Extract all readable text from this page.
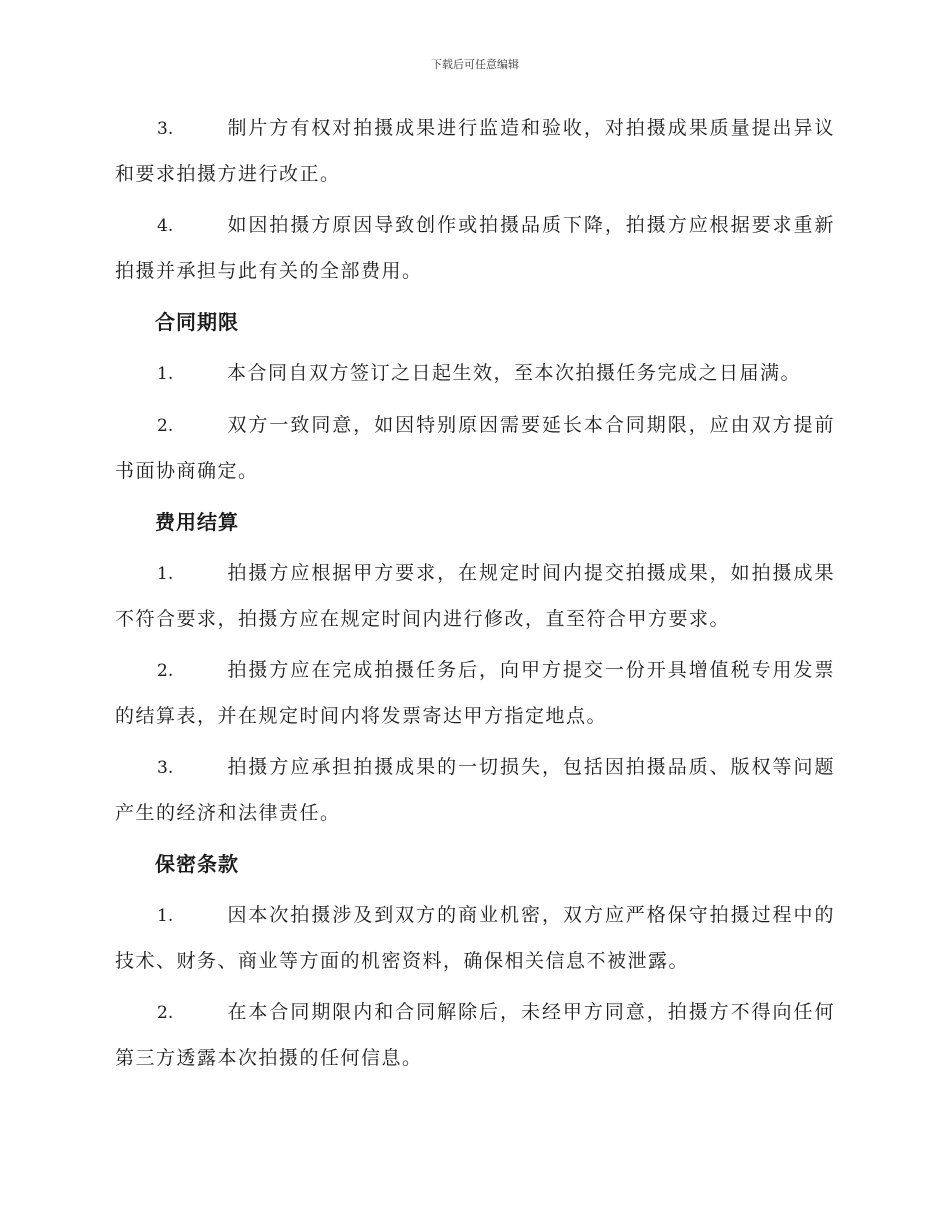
下载后可任意编辑

3.	制片方有权对拍摄成果进行监造和验收，对拍摄成果质量提出异议和要求拍摄方进行改正。

4.	如因拍摄方原因导致创作或拍摄品质下降，拍摄方应根据要求重新拍摄并承担与此有关的全部费用。

合同期限

1.	本合同自双方签订之日起生效，至本次拍摄任务完成之日届满。

2.	双方一致同意，如因特别原因需要延长本合同期限，应由双方提前书面协商确定。

费用结算

1.	拍摄方应根据甲方要求，在规定时间内提交拍摄成果，如拍摄成果不符合要求，拍摄方应在规定时间内进行修改，直至符合甲方要求。

2.	拍摄方应在完成拍摄任务后，向甲方提交一份开具增值税专用发票的结算表，并在规定时间内将发票寄达甲方指定地点。

3.	拍摄方应承担拍摄成果的一切损失，包括因拍摄品质、版权等问题产生的经济和法律责任。

保密条款

1.	因本次拍摄涉及到双方的商业机密，双方应严格保守拍摄过程中的技术、财务、商业等方面的机密资料，确保相关信息不被泄露。

2.	在本合同期限内和合同解除后，未经甲方同意，拍摄方不得向任何第三方透露本次拍摄的任何信息。
